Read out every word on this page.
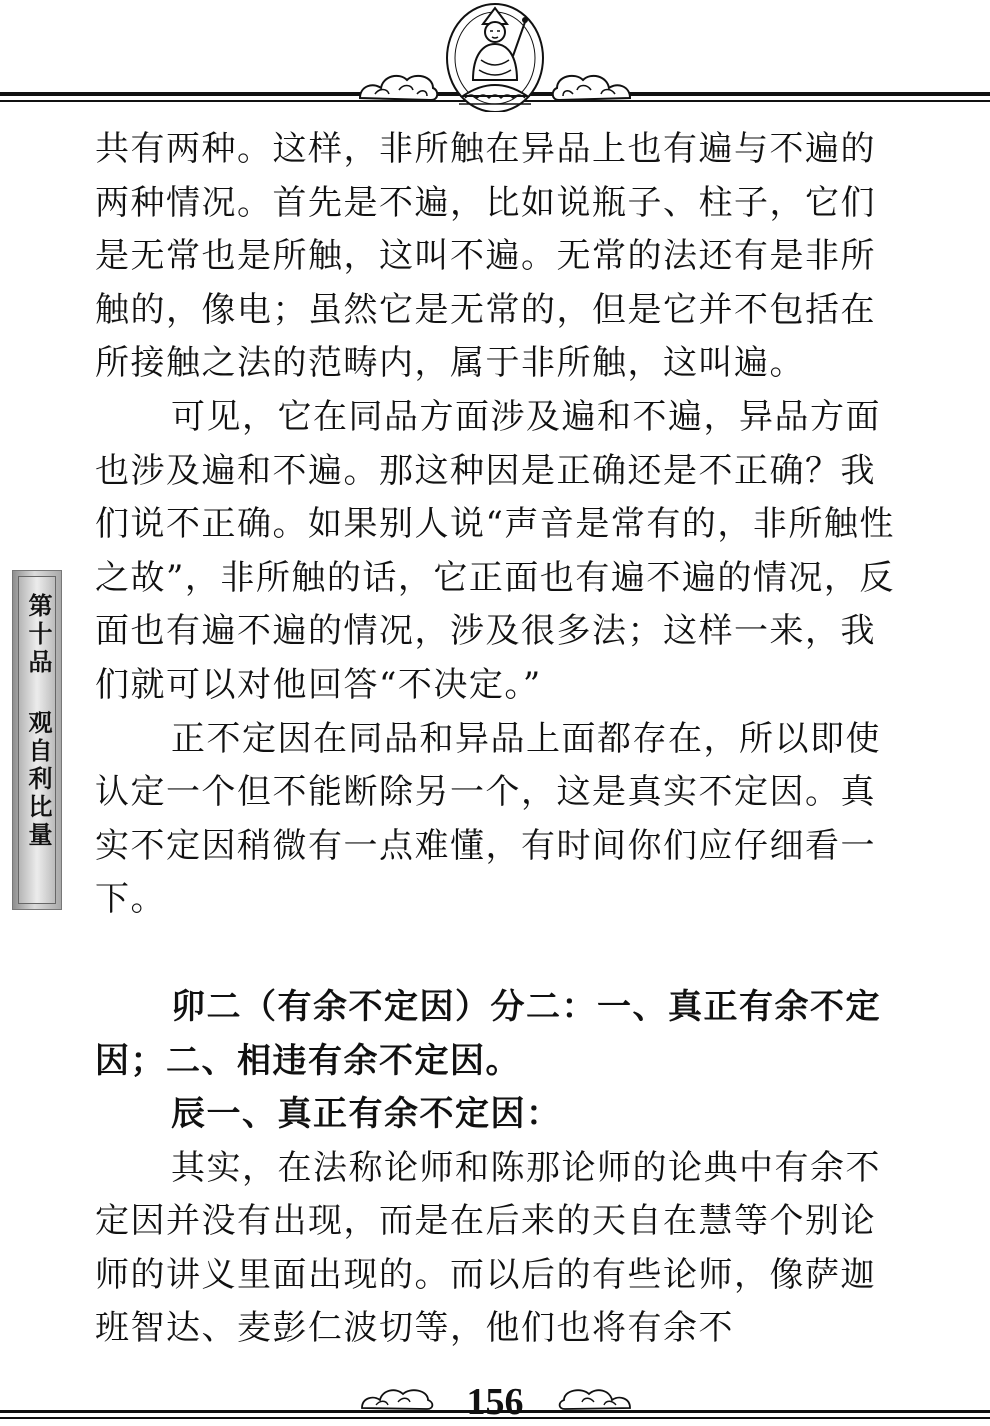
第十品 观自利比量

共有两种。这样，非所触在异品上也有遍与不遍的两种情况。首先是不遍，比如说瓶子、柱子，它们是无常也是所触，这叫不遍。无常的法还有是非所触的，像电；虽然它是无常的，但是它并不包括在所接触之法的范畴内，属于非所触，这叫遍。

可见，它在同品方面涉及遍和不遍，异品方面也涉及遍和不遍。那这种因是正确还是不正确？我们说不正确。如果别人说“声音是常有的，非所触性之故”，非所触的话，它正面也有遍不遍的情况，反面也有遍不遍的情况，涉及很多法；这样一来，我们就可以对他回答“不决定。”

正不定因在同品和异品上面都存在，所以即使认定一个但不能断除另一个，这是真实不定因。真实不定因稍微有一点难懂，有时间你们应仔细看一下。

卯二（有余不定因）分二：一、真正有余不定因；二、相违有余不定因。

辰一、真正有余不定因：

其实，在法称论师和陈那论师的论典中有余不定因并没有出现，而是在后来的天自在慧等个别论师的讲义里面出现的。而以后的有些论师，像萨迦班智达、麦彭仁波切等，他们也将有余不

156
